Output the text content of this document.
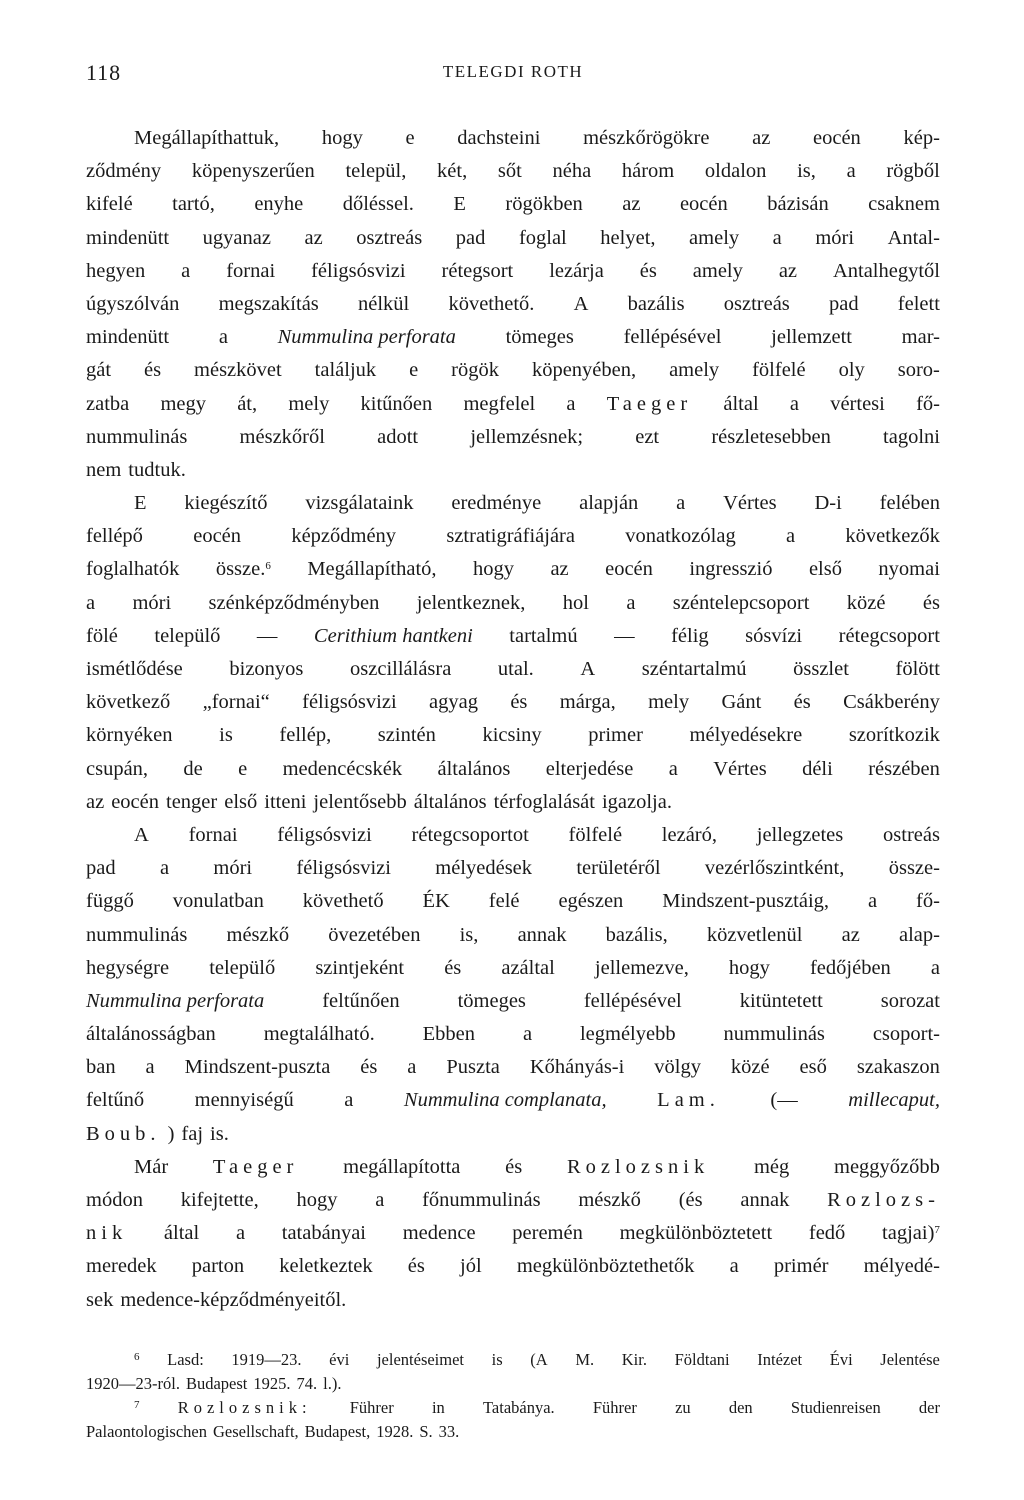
118	TELEGDI ROTH
Megállapíthattuk, hogy e dachsteini mészkőrögökre az eocén kép-
ződmény köpenyszerűen települ, két, sőt néha három oldalon is, a rögből
kifelé tartó, enyhe dőléssel. E rögökben az eocén bázisán csaknem
mindenütt ugyanaz az osztreás pad foglal helyet, amely a móri Antal-
hegyen a fornai féligsósvizi rétegsort lezárja és amely az Antalhegytől
úgyszólván megszakítás nélkül követhető. A bazális osztreás pad felett
mindenütt a Nummulina perforata tömeges fellépésével jellemzett mar-
gát és mészkövet találjuk e rögök köpenyében, amely fölfelé oly soro-
zatba megy át, mely kitűnően megfelel a Taeger által a vértesi fő-
nummulinás	mészkőről	adott	jellemzésnek;	ezt	részletesebben	tagolni
nem tudtuk.
E kiegészítő vizsgálataink eredménye alapján a Vértes D-i felében
fellépő eocén képződmény sztratigráfiájára vonatkozólag a következők
foglalhatók össze.$^6$ Megállapítható, hogy az eocén ingresszió első nyomai
a móri szénképződményben jelentkeznek, hol a széntelepcsoport közé és
fölé települő — Cerithium hantkeni tartalmú — félig sósvízi rétegcsoport
ismétlődése bizonyos oszcillálásra utal. A széntartalmú összlet fölött
következő „fornai“ féligsósvizi agyag és márga, mely Gánt és Csákberény
környéken is fellép, szintén kicsiny primer mélyedésekre szorítkozik
csupán, de e medencécskék általános elterjedése a Vértes déli részében
az eocén tenger első itteni jelentősebb általános térfoglalását igazolja.
A fornai féligsósvizi rétegcsoportot fölfelé lezáró, jellegzetes ostreás
pad a móri féligsósvizi mélyedések területéről vezérlőszintként, össze-
függő vonulatban követhető ÉK felé egészen Mindszent-pusztáig, a fő-
nummulinás mészkő övezetében is, annak bazális, közvetlenül az alap-
hegységre települő szintjeként és azáltal jellemezve, hogy fedőjében a
Nummulina perforata	feltűnően	tömeges	fellépésével	kitüntetett	sorozat
általánosságban megtalálható. Ebben a legmélyebb nummulinás csoport-
ban a Mindszent-puszta és a Puszta Kőhányás-i völgy közé eső szakaszon
feltűnő mennyiségű a Nummulina complanata, Lam. (— millecaput,
Boub. ) faj is.
Már Taeger megállapította és Rozlozsnik még meggyőzőbb
módon kifejtette, hogy a főnummulinás mészkő (és annak Rozlozs-
nik által a tatabányai medence peremén megkülönböztetett fedő tagjai)$^7$
meredek parton keletkeztek és jól megkülönböztethetők a primér mélyedé-
sek medence-képződményeitől.
$^6$ Lasd: 1919—23. évi jelentéseimet is (A M. Kir. Földtani Intézet Évi Jelentése
1920—23-ról. Budapest 1925. 74. l.).
$^7$ Rozlozsnik: Führer in Tatabánya. Führer zu den Studienreisen der
Palaontologischen Gesellschaft, Budapest, 1928. S. 33.
